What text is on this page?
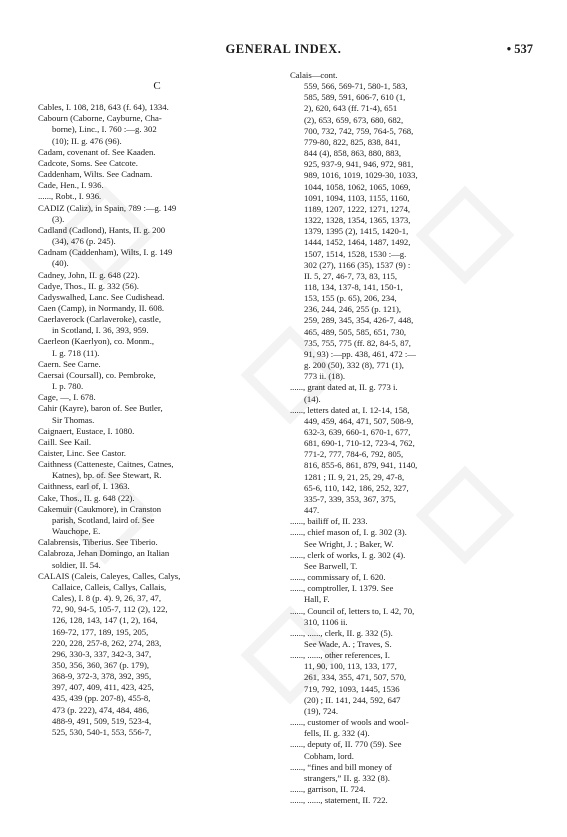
GENERAL INDEX.	• 537
C
Cables, I. 108, 218, 643 (f. 64), 1334.
Cabourn (Caborne, Cayburne, Cha-
borne), Linc., I. 760 :—g. 302
(10); II. g. 476 (96).
Cadam, covenant of. See Kaaden.
Cadcote, Soms. See Catcote.
Caddenham, Wilts. See Cadnam.
Cade, Hen., I. 936.
......, Robt., I. 936.
CADIZ (Caliz), in Spain, 789 :—g. 149
(3).
Cadland (Cadlond), Hants, II. g. 200
(34), 476 (p. 245).
Cadnam (Caddenham), Wilts, I. g. 149
(40).
Cadney, John, II. g. 648 (22).
Cadye, Thos., II. g. 332 (56).
Cadyswalhed, Lanc. See Cudishead.
Caen (Camp), in Normandy, II. 608.
Caerlaverock (Carlaveroke), castle,
in Scotland, I. 36, 393, 959.
Caerleon (Kaerlyon), co. Monm.,
I. g. 718 (11).
Caern. See Carne.
Caersai (Coursall), co. Pembroke,
I. p. 780.
Cage, —, I. 678.
Cahir (Kayre), baron of. See Butler,
Sir Thomas.
Caignaert, Eustace, I. 1080.
Caill. See Kail.
Caister, Linc. See Castor.
Caithness (Catteneste, Caitnes, Catnes,
Katnes), bp. of. See Stewart, R.
Caithness, earl of, I. 1363.
Cake, Thos., II. g. 648 (22).
Cakemuir (Caukmore), in Cranston
parish, Scotland, laird of. See
Wauchope, E.
Calabrensis, Tiberius. See Tiberio.
Calabroza, Jehan Domingo, an Italian
soldier, II. 54.
CALAIS (Caleis, Caleyes, Calles, Calys,
Callaice, Calleis, Callys, Callais,
Cales), I. 8 (p. 4). 9, 26, 37, 47,
72, 90, 94-5, 105-7, 112 (2), 122,
126, 128, 143, 147 (1, 2), 164,
169-72, 177, 189, 195, 205,
220, 228, 257-8, 262, 274, 283,
296, 330-3, 337, 342-3, 347,
350, 356, 360, 367 (p. 179),
368-9, 372-3, 378, 392, 395,
397, 407, 409, 411, 423, 425,
435, 439 (pp. 207-8), 455-8,
473 (p. 222), 474, 484, 486,
488-9, 491, 509, 519, 523-4,
525, 530, 540-1, 553, 556-7,
Calais—cont.
559, 566, 569-71, 580-1, 583,
585, 589, 591, 606-7, 610 (1,
2), 620, 643 (ff. 71-4), 651
(2), 653, 659, 673, 680, 682,
700, 732, 742, 759, 764-5, 768,
779-80, 822, 825, 838, 841,
844 (4), 858, 863, 880, 883,
925, 937-9, 941, 946, 972, 981,
989, 1016, 1019, 1029-30, 1033,
1044, 1058, 1062, 1065, 1069,
1091, 1094, 1103, 1155, 1160,
1189, 1207, 1222, 1271, 1274,
1322, 1328, 1354, 1365, 1373,
1379, 1395 (2), 1415, 1420-1,
1444, 1452, 1464, 1487, 1492,
1507, 1514, 1528, 1530 :—g.
302 (27), 1166 (35), 1537 (9) :
II. 5, 27, 46-7, 73, 83, 115,
118, 134, 137-8, 141, 150-1,
153, 155 (p. 65), 206, 234,
236, 244, 246, 255 (p. 121),
259, 289, 345, 354, 426-7, 448,
465, 489, 505, 585, 651, 730,
735, 755, 775 (ff. 82, 84-5, 87,
91, 93) :—pp. 438, 461, 472 :—
g. 200 (50), 332 (8), 771 (1),
773 ii. (18).
......, grant dated at, II. g. 773 i.
(14).
......, letters dated at, I. 12-14, 158,
449, 459, 464, 471, 507, 508-9,
632-3, 639, 660-1, 670-1, 677,
681, 690-1, 710-12, 723-4, 762,
771-2, 777, 784-6, 792, 805,
816, 855-6, 861, 879, 941, 1140,
1281 ; II. 9, 21, 25, 29, 47-8,
65-6, 110, 142, 186, 252, 327,
335-7, 339, 353, 367, 375,
447.
......, bailiff of, II. 233.
......, chief mason of, I. g. 302 (3).
See Wright, J. ; Baker, W.
......, clerk of works, I. g. 302 (4).
See Barwell, T.
......, commissary of, I. 620.
......, comptroller, I. 1379. See
Hall, F.
......, Council of, letters to, I. 42, 70,
310, 1106 ii.
......, ......, clerk, II. g. 332 (5).
See Wade, A. ; Traves, S.
......, ......, other references, I.
11, 90, 100, 113, 133, 177,
261, 334, 355, 471, 507, 570,
719, 792, 1093, 1445, 1536
(20) ; II. 141, 244, 592, 647
(19), 724.
......, customer of wools and wool-
fells, II. g. 332 (4).
......, deputy of, II. 770 (59). See
Cobham, lord.
......, “fines and bill money of
strangers,” II. g. 332 (8).
......, garrison, II. 724.
......, ......, statement, II. 722.
